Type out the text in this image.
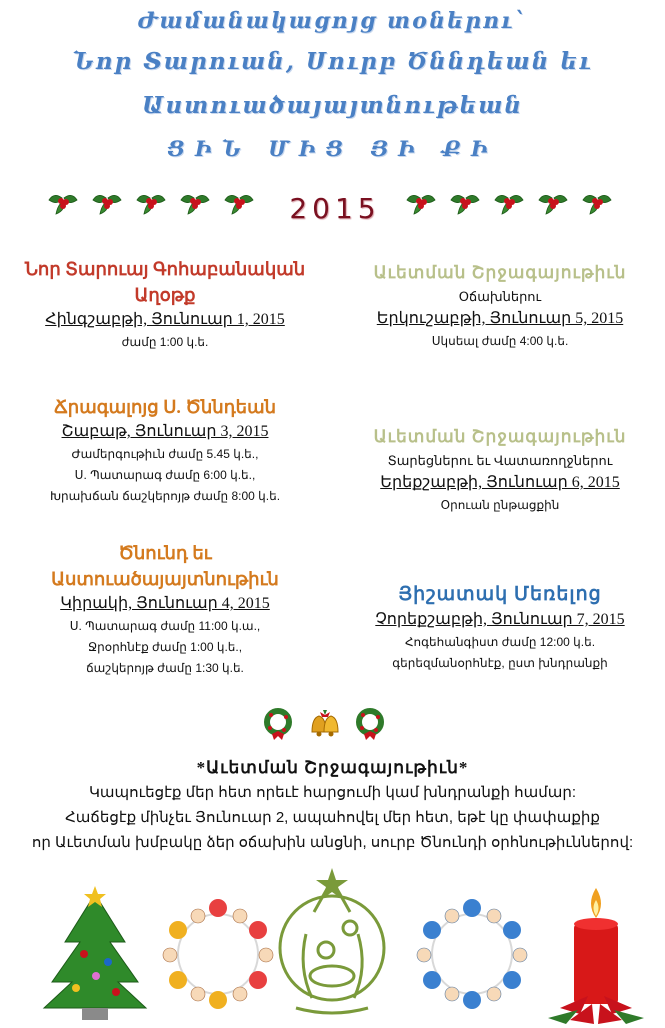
Ժամանակացոյց տօներու`
Նոր Տարուան, Սուրբ Ծննդեան եւ
Աստուածայայտնութեան
ՑԻՆ ՄԻՑ ՅԻ ՔԻ
2015
Նոր Տարուայ Գոհաբանական
Աղօթք
Հինգշաբթի, Յունուար 1, 2015
ժամը 1:00 կ.ե.
Ճրագալոյց Ս. Ծննդեան
Շաբաթ, Յունուար 3, 2015
Ժամերգութիւն ժամը 5.45 կ.ե.,
Ս. Պատարագ ժամը 6:00 կ.ե.,
Խրախճան ճաշկերոյթ ժամը 8:00 կ.ե.
Ծնունդ եւ
Աստուածայայտնութիւն
Կիրակի, Յունուար 4, 2015
Ս. Պատարագ ժամը 11:00 կ.ա.,
Ջրօրհնէք ժամը 1:00 կ.ե.,
ճաշկերոյթ ժամը 1:30 կ.ե.
Աւետման Շրջագայութիւն
Օճախներու
Երկուշաբթի, Յունուար 5, 2015
Սկսեալ ժամը 4:00 կ.ե.
Աւետման Շրջագայութիւն
Տարեցներու եւ Վատառողջներու
Երեքշաբթի, Յունուար 6, 2015
Օրուան ընթացքին
Յիշատակ Մեռելոց
Չորեքշաբթի, Յունուար 7, 2015
Հոգեհանգիստ ժամը 12:00 կ.ե.
գերեզմանօրհնէք, ըստ խնդրանքի
*Աւետման Շրջագայութիւն*
Կապուեցէք մեր հետ որեւէ հարցումի կամ խնդրանքի համար:
Հաճեցէք մինչեւ Յունուար 2, ապահովել մեր հետ, եթէ կը փափաքիք
որ Աւետման խմբակը ձեր օճախին անցնի, սուրբ Ծնունդի օրհնութիւններով:
